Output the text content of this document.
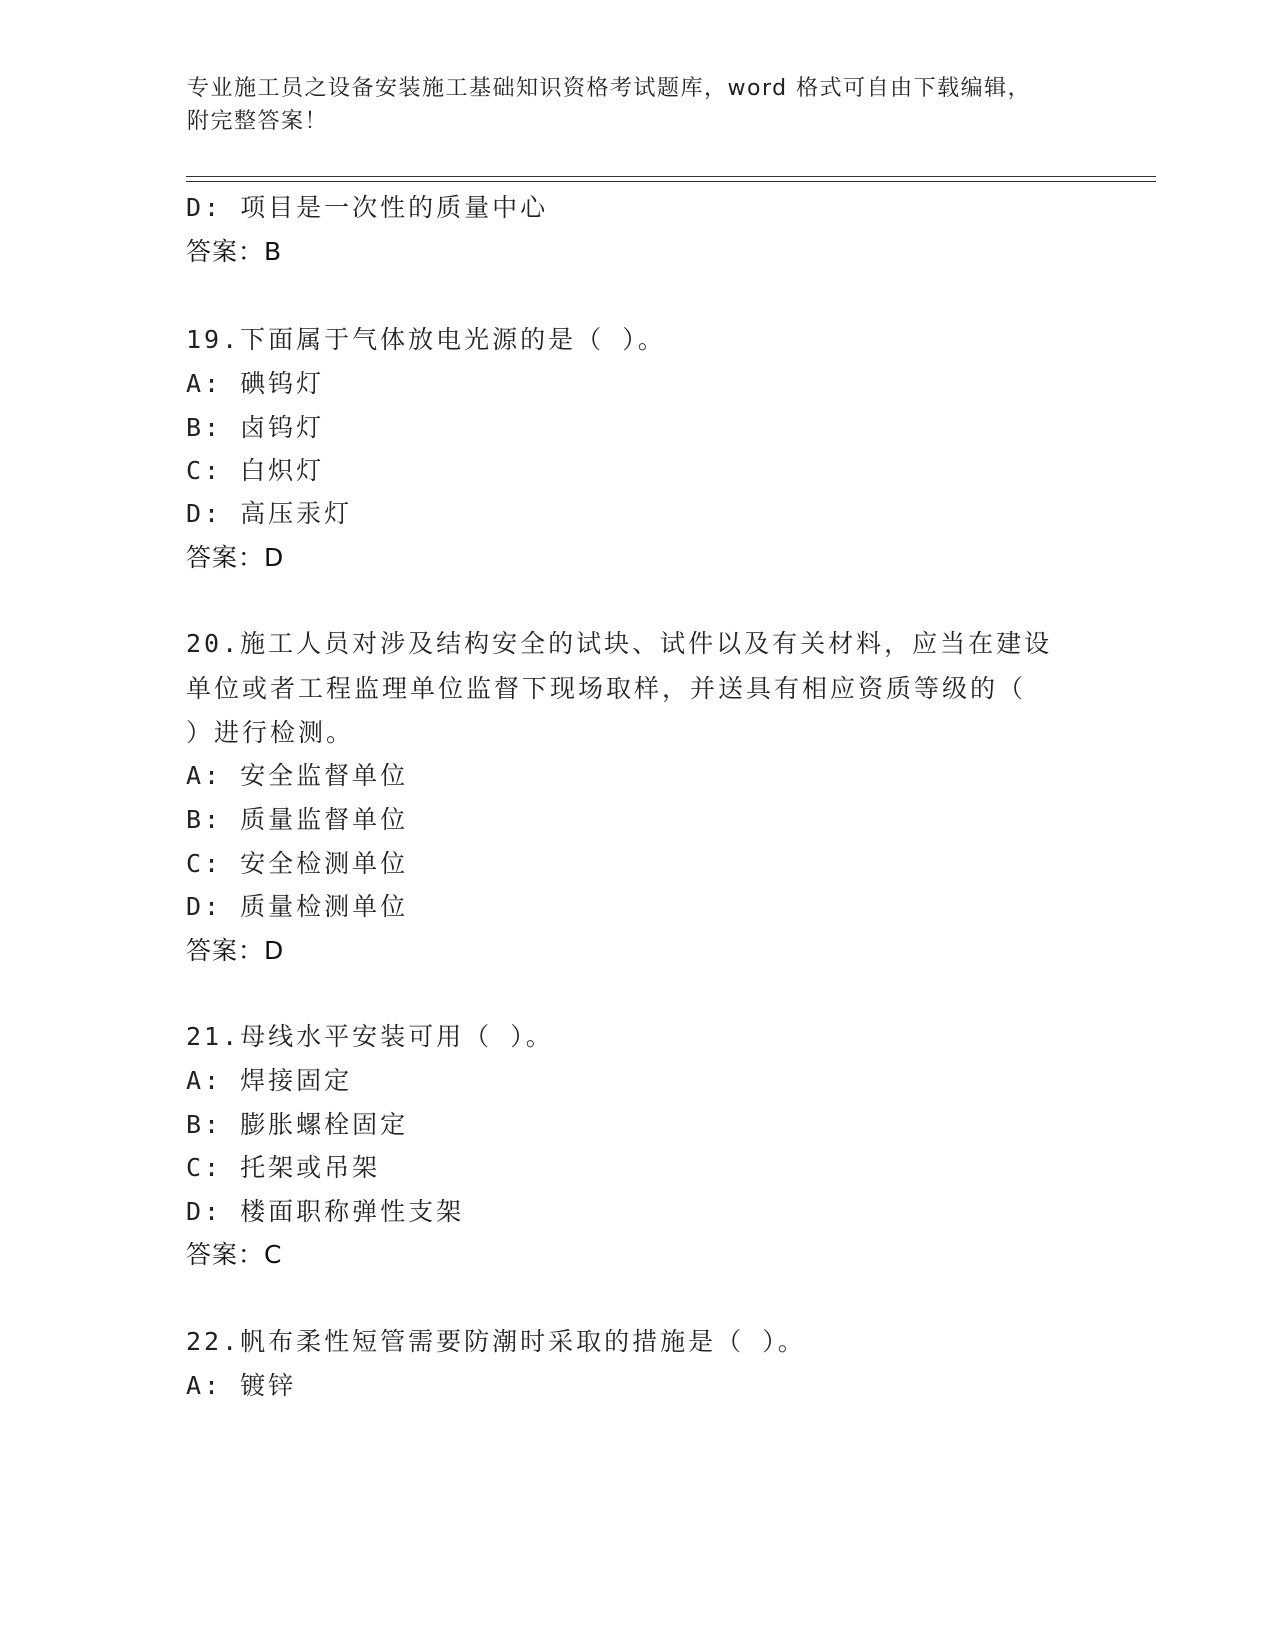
专业施工员之设备安装施工基础知识资格考试题库，word 格式可自由下载编辑，
附完整答案！
D: 项目是一次性的质量中心
答案：B
19.下面属于气体放电光源的是（ ）。
A: 碘钨灯
B: 卤钨灯
C: 白炽灯
D: 高压汞灯
答案：D
20.施工人员对涉及结构安全的试块、试件以及有关材料，应当在建设
单位或者工程监理单位监督下现场取样，并送具有相应资质等级的（
）进行检测。
A: 安全监督单位
B: 质量监督单位
C: 安全检测单位
D: 质量检测单位
答案：D
21.母线水平安装可用（ ）。
A: 焊接固定
B: 膨胀螺栓固定
C: 托架或吊架
D: 楼面职称弹性支架
答案：C
22.帆布柔性短管需要防潮时采取的措施是（ ）。
A: 镀锌
